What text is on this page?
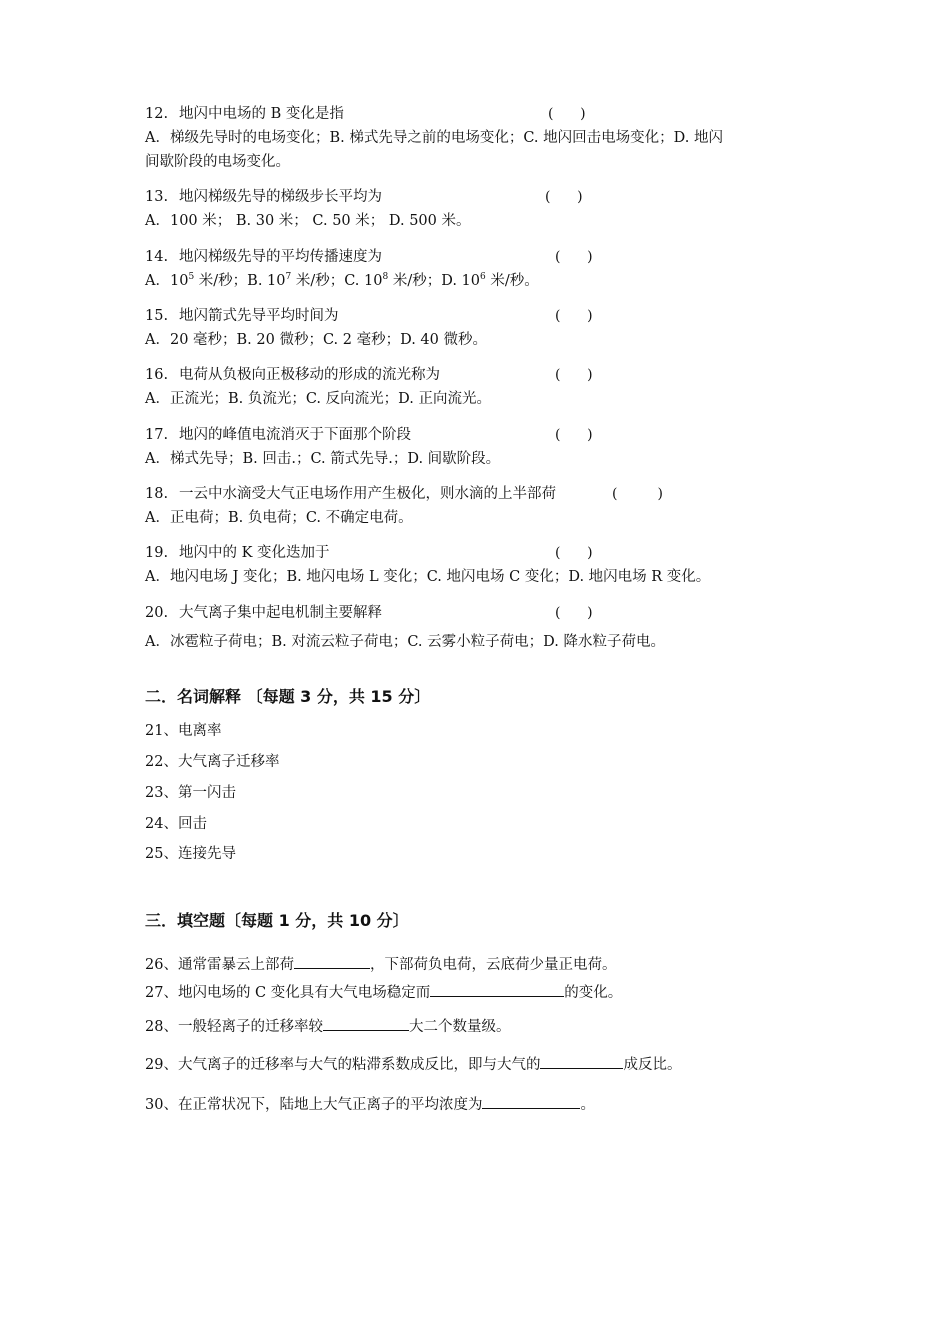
12. 地闪中电场的 B 变化是指	(      )
A．梯级先导时的电场变化；B. 梯式先导之前的电场变化；C. 地闪回击电场变化；D. 地闪
间歇阶段的电场变化。
13. 地闪梯级先导的梯级步长平均为	(      )
A．100 米； B. 30 米； C. 50 米； D. 500 米。
14. 地闪梯级先导的平均传播速度为	(      )
A．$10^5$ 米/秒；B. $10^7$ 米/秒；C. $10^8$ 米/秒；D. $10^6$ 米/秒。
15. 地闪箭式先导平均时间为	(      )
A．20 毫秒；B. 20 微秒；C. 2 毫秒；D. 40 微秒。
16. 电荷从负极向正极移动的形成的流光称为	(      )
A．正流光；B. 负流光；C. 反向流光；D. 正向流光。
17. 地闪的峰值电流消灭于下面那个阶段	(      )
A．梯式先导；B. 回击.；C. 箭式先导.；D. 间歇阶段。
18. 一云中水滴受大气正电场作用产生极化，则水滴的上半部荷	(         )
A．正电荷；B. 负电荷；C. 不确定电荷。
19. 地闪中的 K 变化迭加于	(      )
A．地闪电场 J 变化；B. 地闪电场 L 变化；C. 地闪电场 C 变化；D. 地闪电场 R 变化。
20. 大气离子集中起电机制主要解释	(      )
A．冰雹粒子荷电；B. 对流云粒子荷电；C. 云雾小粒子荷电；D. 降水粒子荷电。
二．名词解释 〔每题 3 分，共 15 分〕
21、电离率
22、大气离子迁移率
23、第一闪击
24、回击
25、连接先导
三．填空题〔每题 1 分，共 10 分〕
26、通常雷暴云上部荷	，下部荷负电荷，云底荷少量正电荷。
27、地闪电场的 C 变化具有大气电场稳定而	的变化。
28、一般轻离子的迁移率较	大二个数量级。
29、大气离子的迁移率与大气的粘滞系数成反比，即与大气的	成反比。
30、在正常状况下，陆地上大气正离子的平均浓度为	。
